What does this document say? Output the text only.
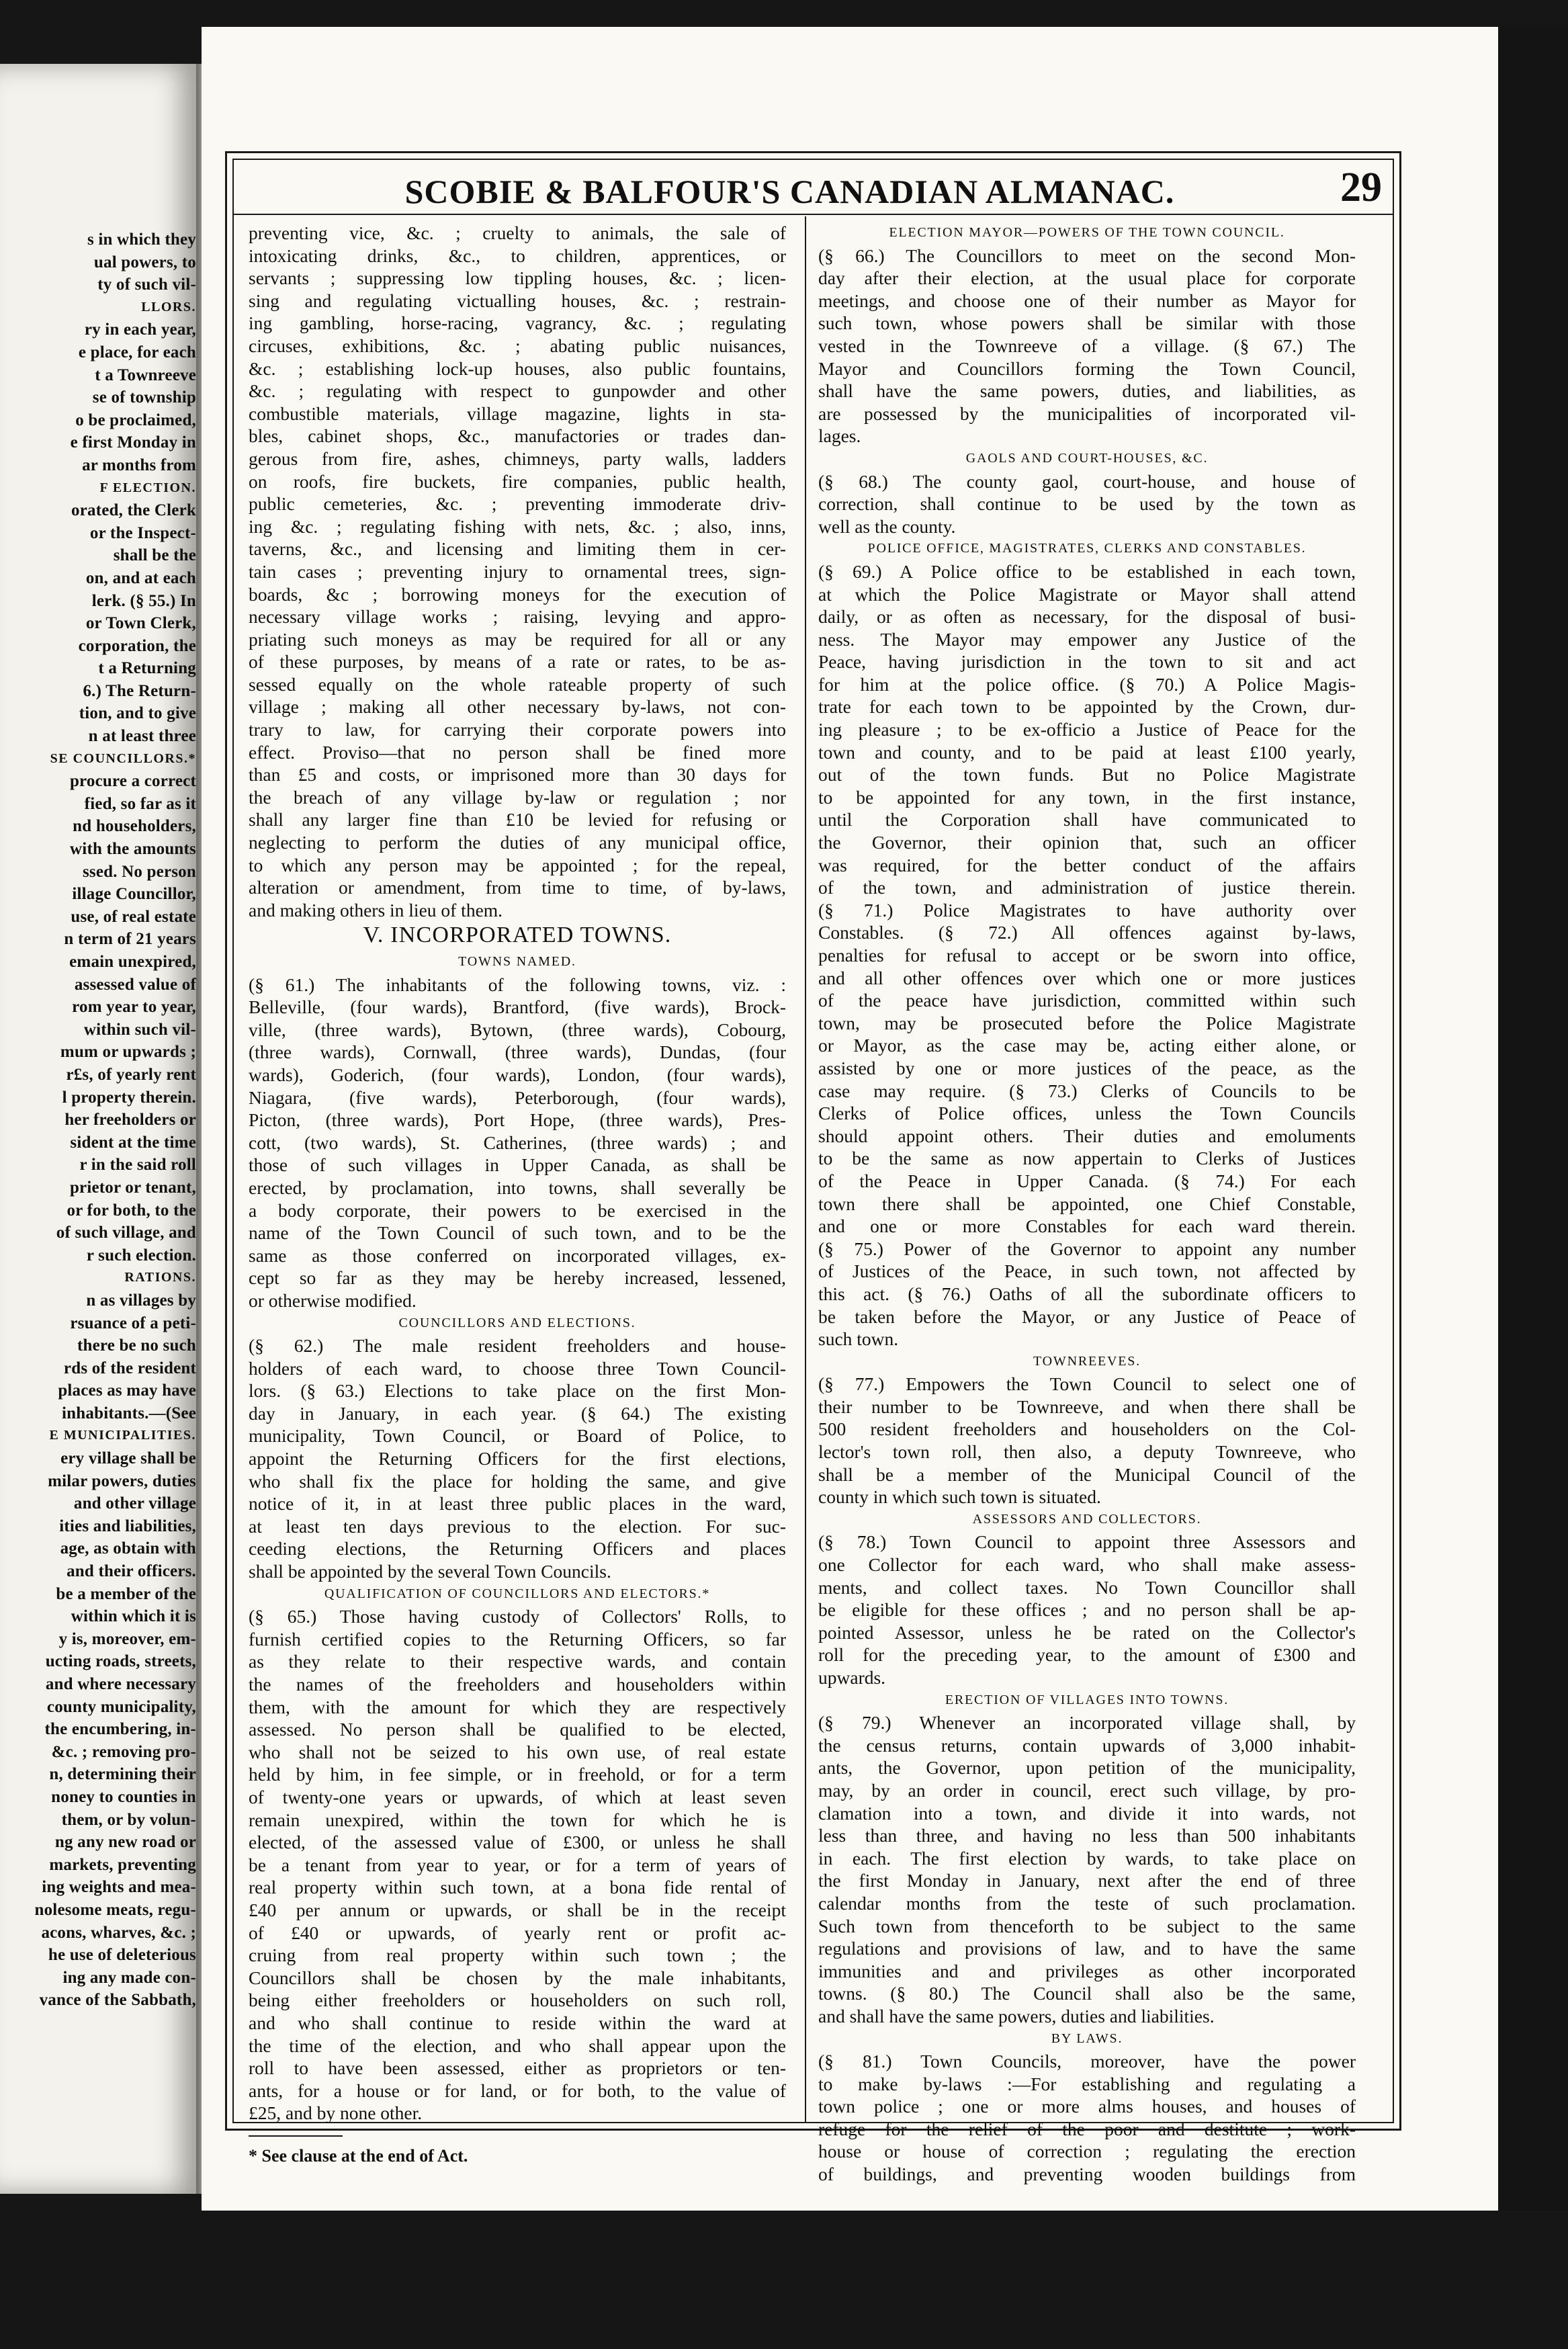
s in which they

ual powers, to

ty of such vil-

LLORS.

ry in each year,

e place, for each

t a Townreeve

se of township

o be proclaimed,

e first Monday in

ar months from

F ELECTION.

orated, the Clerk

or the Inspect-

shall be the

on, and at each

lerk. (§ 55.) In

or Town Clerk,

corporation, the

t a Returning

6.) The Return-

tion, and to give

n at least three

SE COUNCILLORS.*

procure a correct

fied, so far as it

nd householders,

with the amounts

ssed. No person

illage Councillor,

use, of real estate

n term of 21 years

emain unexpired,

assessed value of

rom year to year,

within such vil-

mum or upwards ;

r£s, of yearly rent

l property therein.

her freeholders or

sident at the time

r in the said roll

prietor or tenant,

or for both, to the

of such village, and

r such election.

RATIONS.

n as villages by

rsuance of a peti-

there be no such

rds of the resident

places as may have

inhabitants.—(See

E MUNICIPALITIES.

ery village shall be

milar powers, duties

and other village

ities and liabilities,

age, as obtain with

and their officers.

be a member of the

within which it is

y is, moreover, em-

ucting roads, streets,

and where necessary

county municipality,

the encumbering, in-

&c. ; removing pro-

n, determining their

noney to counties in

them, or by volun-

ng any new road or

markets, preventing

ing weights and mea-

nolesome meats, regu-

acons, wharves, &c. ;

he use of deleterious

ing any made con-

vance of the Sabbath,

SCOBIE & BALFOUR'S CANADIAN ALMANAC.	29

preventing vice, &c. ; cruelty to animals, the sale of

intoxicating drinks, &c., to children, apprentices, or

servants ; suppressing low tippling houses, &c. ; licen-

sing and regulating victualling houses, &c. ; restrain-

ing gambling, horse-racing, vagrancy, &c. ; regulating

circuses, exhibitions, &c. ; abating public nuisances,

&c. ; establishing lock-up houses, also public fountains,

&c. ; regulating with respect to gunpowder and other

combustible materials, village magazine, lights in sta-

bles, cabinet shops, &c., manufactories or trades dan-

gerous from fire, ashes, chimneys, party walls, ladders

on roofs, fire buckets, fire companies, public health,

public cemeteries, &c. ; preventing immoderate driv-

ing &c. ; regulating fishing with nets, &c. ; also, inns,

taverns, &c., and licensing and limiting them in cer-

tain cases ; preventing injury to ornamental trees, sign-

boards, &c ; borrowing moneys for the execution of

necessary village works ; raising, levying and appro-

priating such moneys as may be required for all or any

of these purposes, by means of a rate or rates, to be as-

sessed equally on the whole rateable property of such

village ; making all other necessary by-laws, not con-

trary to law, for carrying their corporate powers into

effect. Proviso—that no person shall be fined more

than £5 and costs, or imprisoned more than 30 days for

the breach of any village by-law or regulation ; nor

shall any larger fine than £10 be levied for refusing or

neglecting to perform the duties of any municipal office,

to which any person may be appointed ; for the repeal,

alteration or amendment, from time to time, of by-laws,

and making others in lieu of them.

V. INCORPORATED TOWNS.

TOWNS NAMED.

(§ 61.) The inhabitants of the following towns, viz. :

Belleville, (four wards), Brantford, (five wards), Brock-

ville, (three wards), Bytown, (three wards), Cobourg,

(three wards), Cornwall, (three wards), Dundas, (four

wards), Goderich, (four wards), London, (four wards),

Niagara, (five wards), Peterborough, (four wards),

Picton, (three wards), Port Hope, (three wards), Pres-

cott, (two wards), St. Catherines, (three wards) ; and

those of such villages in Upper Canada, as shall be

erected, by proclamation, into towns, shall severally be

a body corporate, their powers to be exercised in the

name of the Town Council of such town, and to be the

same as those conferred on incorporated villages, ex-

cept so far as they may be hereby increased, lessened,

or otherwise modified.

COUNCILLORS AND ELECTIONS.

(§ 62.) The male resident freeholders and house-

holders of each ward, to choose three Town Council-

lors. (§ 63.) Elections to take place on the first Mon-

day in January, in each year. (§ 64.) The existing

municipality, Town Council, or Board of Police, to

appoint the Returning Officers for the first elections,

who shall fix the place for holding the same, and give

notice of it, in at least three public places in the ward,

at least ten days previous to the election. For suc-

ceeding elections, the Returning Officers and places

shall be appointed by the several Town Councils.

QUALIFICATION OF COUNCILLORS AND ELECTORS.*

(§ 65.) Those having custody of Collectors' Rolls, to

furnish certified copies to the Returning Officers, so far

as they relate to their respective wards, and contain

the names of the freeholders and householders within

them, with the amount for which they are respectively

assessed. No person shall be qualified to be elected,

who shall not be seized to his own use, of real estate

held by him, in fee simple, or in freehold, or for a term

of twenty-one years or upwards, of which at least seven

remain unexpired, within the town for which he is

elected, of the assessed value of £300, or unless he shall

be a tenant from year to year, or for a term of years of

real property within such town, at a bona fide rental of

£40 per annum or upwards, or shall be in the receipt

of £40 or upwards, of yearly rent or profit ac-

cruing from real property within such town ; the

Councillors shall be chosen by the male inhabitants,

being either freeholders or householders on such roll,

and who shall continue to reside within the ward at

the time of the election, and who shall appear upon the

roll to have been assessed, either as proprietors or ten-

ants, for a house or for land, or for both, to the value of

£25, and by none other.

* See clause at the end of Act.

ELECTION MAYOR—POWERS OF THE TOWN COUNCIL.

(§ 66.) The Councillors to meet on the second Mon-

day after their election, at the usual place for corporate

meetings, and choose one of their number as Mayor for

such town, whose powers shall be similar with those

vested in the Townreeve of a village. (§ 67.) The

Mayor and Councillors forming the Town Council,

shall have the same powers, duties, and liabilities, as

are possessed by the municipalities of incorporated vil-

lages.

GAOLS AND COURT-HOUSES, &C.

(§ 68.) The county gaol, court-house, and house of

correction, shall continue to be used by the town as

well as the county.

POLICE OFFICE, MAGISTRATES, CLERKS AND CONSTABLES.

(§ 69.) A Police office to be established in each town,

at which the Police Magistrate or Mayor shall attend

daily, or as often as necessary, for the disposal of busi-

ness. The Mayor may empower any Justice of the

Peace, having jurisdiction in the town to sit and act

for him at the police office. (§ 70.) A Police Magis-

trate for each town to be appointed by the Crown, dur-

ing pleasure ; to be ex-officio a Justice of Peace for the

town and county, and to be paid at least £100 yearly,

out of the town funds. But no Police Magistrate

to be appointed for any town, in the first instance,

until the Corporation shall have communicated to

the Governor, their opinion that, such an officer

was required, for the better conduct of the affairs

of the town, and administration of justice therein.

(§ 71.) Police Magistrates to have authority over

Constables. (§ 72.) All offences against by-laws,

penalties for refusal to accept or be sworn into office,

and all other offences over which one or more justices

of the peace have jurisdiction, committed within such

town, may be prosecuted before the Police Magistrate

or Mayor, as the case may be, acting either alone, or

assisted by one or more justices of the peace, as the

case may require. (§ 73.) Clerks of Councils to be

Clerks of Police offices, unless the Town Councils

should appoint others. Their duties and emoluments

to be the same as now appertain to Clerks of Justices

of the Peace in Upper Canada. (§ 74.) For each

town there shall be appointed, one Chief Constable,

and one or more Constables for each ward therein.

(§ 75.) Power of the Governor to appoint any number

of Justices of the Peace, in such town, not affected by

this act. (§ 76.) Oaths of all the subordinate officers to

be taken before the Mayor, or any Justice of Peace of

such town.

TOWNREEVES.

(§ 77.) Empowers the Town Council to select one of

their number to be Townreeve, and when there shall be

500 resident freeholders and householders on the Col-

lector's town roll, then also, a deputy Townreeve, who

shall be a member of the Municipal Council of the

county in which such town is situated.

ASSESSORS AND COLLECTORS.

(§ 78.) Town Council to appoint three Assessors and

one Collector for each ward, who shall make assess-

ments, and collect taxes. No Town Councillor shall

be eligible for these offices ; and no person shall be ap-

pointed Assessor, unless he be rated on the Collector's

roll for the preceding year, to the amount of £300 and

upwards.

ERECTION OF VILLAGES INTO TOWNS.

(§ 79.) Whenever an incorporated village shall, by

the census returns, contain upwards of 3,000 inhabit-

ants, the Governor, upon petition of the municipality,

may, by an order in council, erect such village, by pro-

clamation into a town, and divide it into wards, not

less than three, and having no less than 500 inhabitants

in each. The first election by wards, to take place on

the first Monday in January, next after the end of three

calendar months from the teste of such proclamation.

Such town from thenceforth to be subject to the same

regulations and provisions of law, and to have the same

immunities and and privileges as other incorporated

towns. (§ 80.) The Council shall also be the same,

and shall have the same powers, duties and liabilities.

BY LAWS.

(§ 81.) Town Councils, moreover, have the power

to make by-laws :—For establishing and regulating a

town police ; one or more alms houses, and houses of

refuge for the relief of the poor and destitute ; work-

house or house of correction ; regulating the erection

of buildings, and preventing wooden buildings from
